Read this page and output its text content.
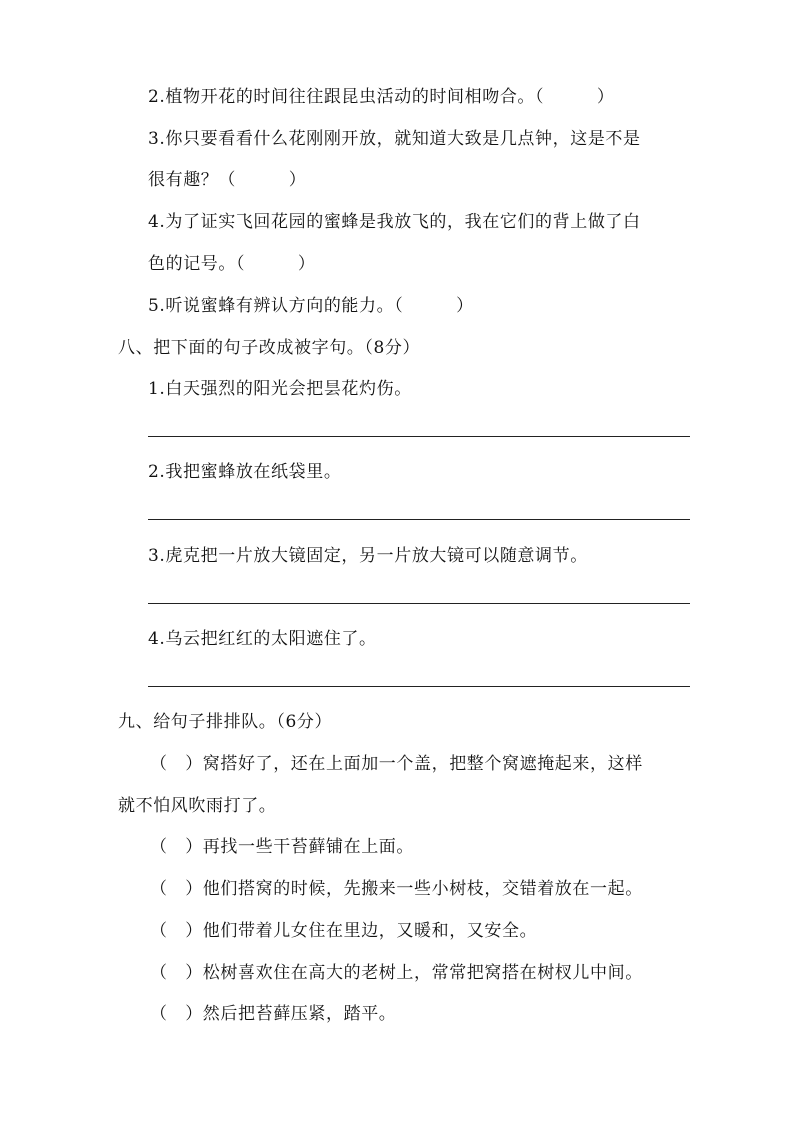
2.植物开花的时间往往跟昆虫活动的时间相吻合。（　　　）
3.你只要看看什么花刚刚开放，就知道大致是几点钟，这是不是
很有趣？（　　　）
4.为了证实飞回花园的蜜蜂是我放飞的，我在它们的背上做了白
色的记号。（　　　）
5.听说蜜蜂有辨认方向的能力。（　　　）
八、把下面的句子改成被字句。（8分）
1.白天强烈的阳光会把昙花灼伤。
2.我把蜜蜂放在纸袋里。
3.虎克把一片放大镜固定，另一片放大镜可以随意调节。
4.乌云把红红的太阳遮住了。
九、给句子排排队。（6分）
（　）窝搭好了，还在上面加一个盖，把整个窝遮掩起来，这样
就不怕风吹雨打了。
（　）再找一些干苔藓铺在上面。
（　）他们搭窝的时候，先搬来一些小树枝，交错着放在一起。
（　）他们带着儿女住在里边，又暖和，又安全。
（　）松树喜欢住在高大的老树上，常常把窝搭在树杈儿中间。
（　）然后把苔藓压紧，踏平。
